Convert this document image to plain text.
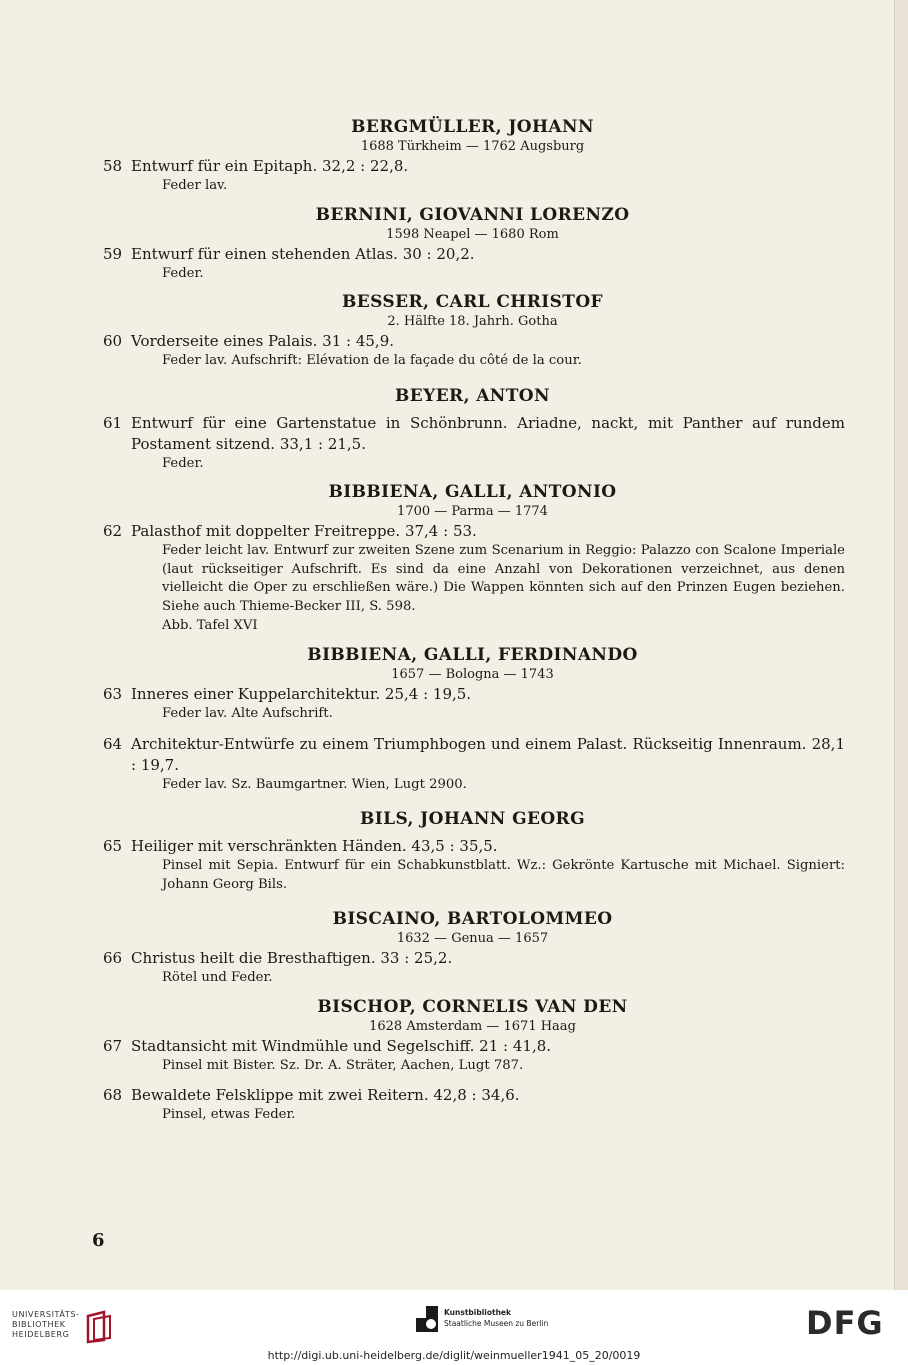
BERGMÜLLER, JOHANN
1688 Türkheim — 1762 Augsburg
58 Entwurf für ein Epitaph. 32,2 : 22,8.
Feder lav.
BERNINI, GIOVANNI LORENZO
1598 Neapel — 1680 Rom
59 Entwurf für einen stehenden Atlas. 30 : 20,2.
Feder.
BESSER, CARL CHRISTOF
2. Hälfte 18. Jahrh. Gotha
60 Vorderseite eines Palais. 31 : 45,9.
Feder lav. Aufschrift: Elévation de la façade du côté de la cour.
BEYER, ANTON
61 Entwurf für eine Gartenstatue in Schönbrunn. Ariadne, nackt, mit Panther auf rundem Postament sitzend. 33,1 : 21,5.
Feder.
BIBBIENA, GALLI, ANTONIO
1700 — Parma — 1774
62 Palasthof mit doppelter Freitreppe. 37,4 : 53.
Feder leicht lav. Entwurf zur zweiten Szene zum Scenarium in Reggio: Palazzo con Scalone Imperiale (laut rückseitiger Aufschrift. Es sind da eine Anzahl von Dekorationen verzeichnet, aus denen vielleicht die Oper zu erschließen wäre.) Die Wappen könnten sich auf den Prinzen Eugen beziehen. Siehe auch Thieme-Becker III, S. 598.
Abb. Tafel XVI
BIBBIENA, GALLI, FERDINANDO
1657 — Bologna — 1743
63 Inneres einer Kuppelarchitektur. 25,4 : 19,5.
Feder lav. Alte Aufschrift.
64 Architektur-Entwürfe zu einem Triumphbogen und einem Palast. Rückseitig Innenraum. 28,1 : 19,7.
Feder lav. Sz. Baumgartner. Wien, Lugt 2900.
BILS, JOHANN GEORG
65 Heiliger mit verschränkten Händen. 43,5 : 35,5.
Pinsel mit Sepia. Entwurf für ein Schabkunstblatt. Wz.: Gekrönte Kartusche mit Michael. Signiert: Johann Georg Bils.
BISCAINO, BARTOLOMMEO
1632 — Genua — 1657
66 Christus heilt die Bresthaftigen. 33 : 25,2.
Rötel und Feder.
BISCHOP, CORNELIS VAN DEN
1628 Amsterdam — 1671 Haag
67 Stadtansicht mit Windmühle und Segelschiff. 21 : 41,8.
Pinsel mit Bister. Sz. Dr. A. Sträter, Aachen, Lugt 787.
68 Bewaldete Felsklippe mit zwei Reitern. 42,8 : 34,6.
Pinsel, etwas Feder.
6
UNIVERSITÄTS-
BIBLIOTHEK
HEIDELBERG
Kunstbibliothek
Staatliche Museen zu Berlin	DFG
http://digi.ub.uni-heidelberg.de/diglit/weinmueller1941_05_20/0019
